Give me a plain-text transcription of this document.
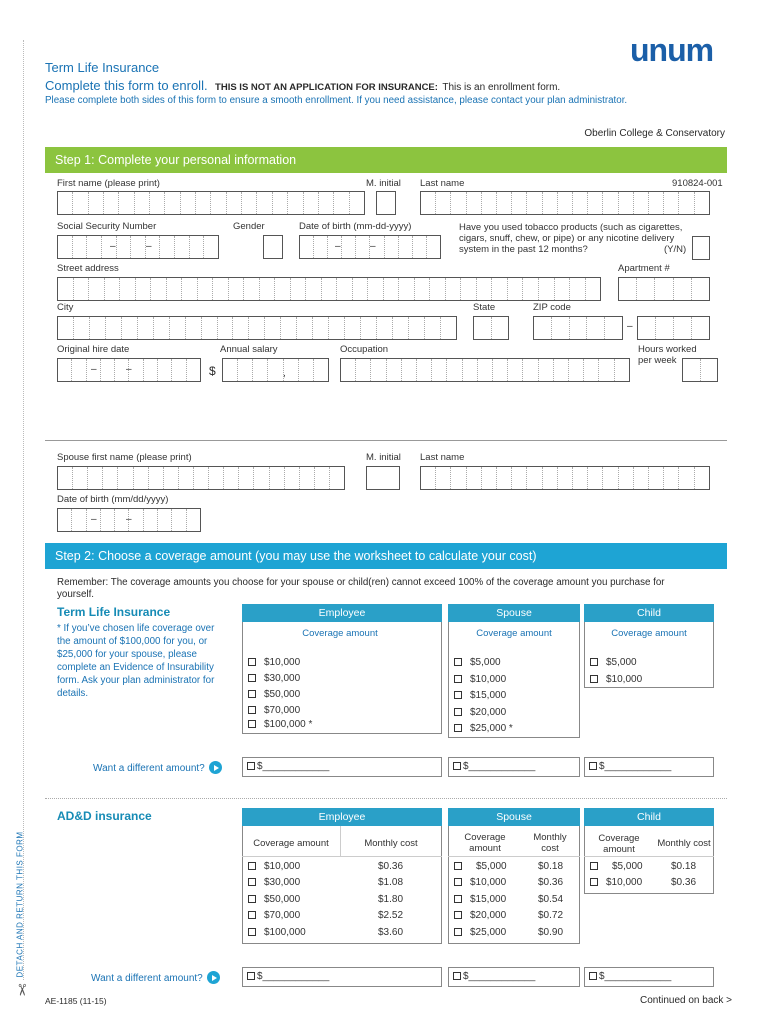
DETACH AND RETURN THIS FORM
✂
unum
Term Life Insurance
Complete this form to enroll. THIS IS NOT AN APPLICATION FOR INSURANCE: This is an enrollment form.
Please complete both sides of this form to ensure a smooth enrollment. If you need assistance, please contact your plan administrator.
Oberlin College & Conservatory
Step 1: Complete your personal information
First name (please print)	M. initial Last name	910824-001
Social Security Number	Gender	Date of birth (mm-dd-yyyy)	Have you used tobacco products (such as cigarettes, cigars, snuff, chew, or pipe) or any nicotine delivery system in the past 12 months?	(Y/N)
–	–	–	–
Street address	Apartment #
City	State	ZIP code
–
Original hire date	Annual salary	Occupation	Hours worked per week
–	–	$	,
Spouse first name (please print)	M. initial Last name
Date of birth (mm/dd/yyyy)
–	–
Step 2: Choose a coverage amount (you may use the worksheet to calculate your cost)
Remember: The coverage amounts you choose for your spouse or child(ren) cannot exceed 100% of the coverage amount you purchase for yourself.
Term Life Insurance
* If you’ve chosen life coverage over the amount of $100,000 for you, or $25,000 for your spouse, please complete an Evidence of Insurability form. Ask your plan administrator for details.
Employee
Coverage amount
Spouse
Coverage amount
Child
Coverage amount
$10,000
$30,000
$50,000
$70,000
$100,000 *
$5,000
$10,000
$15,000
$20,000
$25,000 *
$5,000
$10,000
Want a different amount?	$____________	$____________	$____________
AD&D insurance	Employee
Coverage amount	Monthly cost
Spouse
Coverage amount
Monthly cost
Child
Coverage amount
Monthly cost
$10,000	$0.36
$30,000	$1.08
$50,000	$1.80
$70,000	$2.52
$100,000	$3.60
$5,000	$0.18
$10,000	$0.36
$15,000	$0.54
$20,000	$0.72
$25,000	$0.90
$5,000	$0.18
$10,000	$0.36
Want a different amount?	$____________	$____________	$____________
AE-1185 (11-15)	Continued on back >
